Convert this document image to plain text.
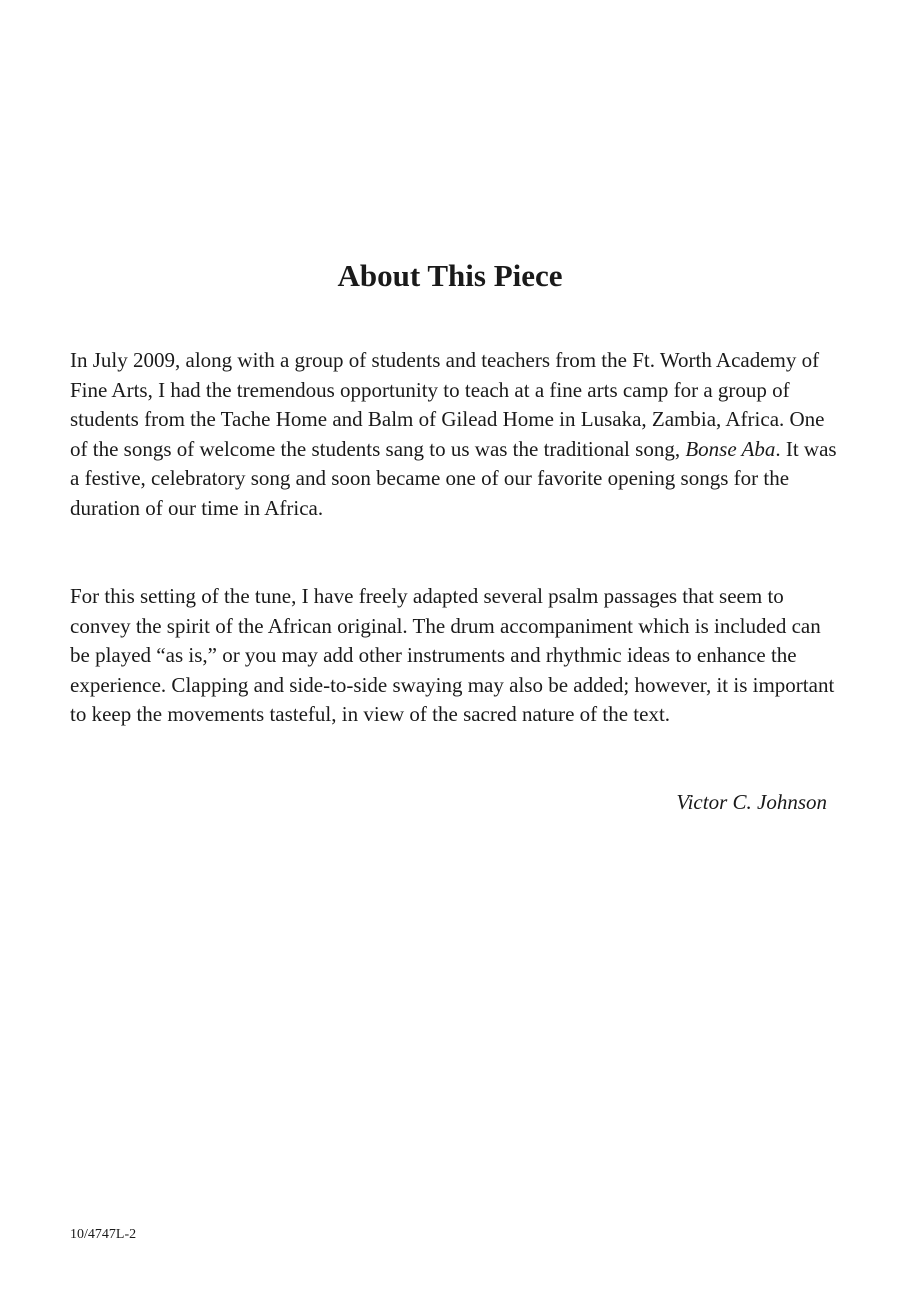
About This Piece

In July 2009, along with a group of students and teachers from the Ft. Worth Academy of Fine Arts, I had the tremendous opportunity to teach at a fine arts camp for a group of students from the Tache Home and Balm of Gilead Home in Lusaka, Zambia, Africa. One of the songs of welcome the students sang to us was the traditional song, Bonse Aba. It was a festive, celebratory song and soon became one of our favorite opening songs for the duration of our time in Africa.

For this setting of the tune, I have freely adapted several psalm passages that seem to convey the spirit of the African original. The drum accompaniment which is included can be played “as is,” or you may add other instruments and rhythmic ideas to enhance the experience. Clapping and side-to-side swaying may also be added; however, it is important to keep the movements tasteful, in view of the sacred nature of the text.

Victor C. Johnson
10/4747L-2
